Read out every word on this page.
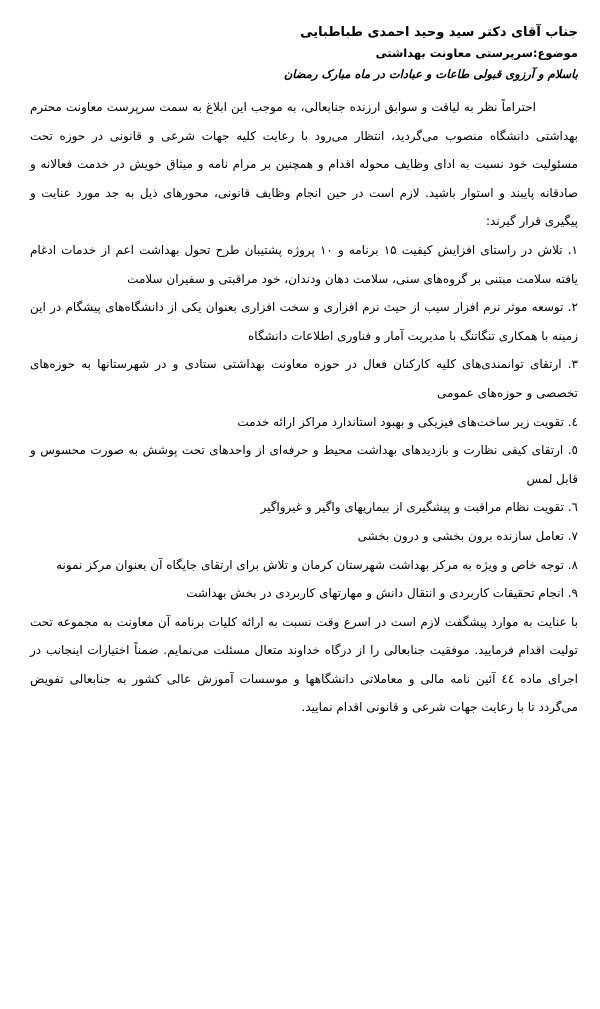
جناب آقای دکتر سید وحید احمدی طباطبایی
موضوع:سرپرستی معاونت بهداشتی
باسلام و آرزوی قبولی طاعات و عبادات در ماه مبارک رمضان

احتراماً نظر به لیاقت و سوابق ارزنده جنابعالی، به موجب این ابلاغ به سمت سرپرست معاونت محترم بهداشتی دانشگاه منصوب می‌گردید، انتظار می‌رود با رعایت کلیه جهات شرعی و قانونی در حوزه تحت مسئولیت خود نسبت به ادای وظایف محوله اقدام و همچنین بر مرام نامه و میثاق خویش در خدمت فعالانه و صادقانه پایبند و استوار باشید. لازم است در حین انجام وظایف قانونی، محورهای ذیل به جد مورد عنایت و پیگیری قرار گیرند:

۱. تلاش در راستای افزایش کیفیت ۱۵ برنامه و ۱۰ پروژه پشتیبان طرح تحول بهداشت اعم از خدمات ادغام یافته سلامت مبتنی بر گروه‌های سنی، سلامت دهان ودندان، خود مراقبتی و سفیران سلامت

۲. توسعه موثر نرم افزار سیب از حیث نرم افزاری و سخت افزاری بعنوان یکی از دانشگاه‌های پیشگام در این زمینه با همکاری تنگاتنگ با مدیریت آمار و فناوری اطلاعات دانشگاه

۳. ارتقای توانمندی‌های کلیه کارکنان فعال در حوزه معاونت بهداشتی ستادی و در شهرستانها به حوزه‌های تخصصی و حوزه‌های عمومی

٤. تقویت زیر ساخت‌های فیزیکی و بهبود استاندارد مراکز ارائه خدمت

٥. ارتقای کیفی نظارت و بازدیدهای بهداشت محیط و حرفه‌ای از واحدهای تحت پوشش به صورت محسوس و قابل لمس

٦. تقویت نظام مراقبت و پیشگیری از بیماریهای واگیر و غیرواگیر

۷. تعامل سازنده برون بخشی و درون بخشی

۸. توجه خاص و ویژه به مرکز بهداشت شهرستان کرمان و تلاش برای ارتقای جایگاه آن بعنوان مرکز نمونه

۹. انجام تحقیقات کاربردی و انتقال دانش و مهارتهای کاربردی در بخش بهداشت

با عنایت به موارد پیشگفت لازم است در اسرع وقت نسبت به ارائه کلیات برنامه آن معاونت به مجموعه تحت تولیت اقدام فرمایید. موفقیت جنابعالی را از درگاه خداوند متعال مسئلت می‌نمایم. ضمناً اختیارات اینجانب در اجرای ماده ٤٤ آئین نامه مالی و معاملاتی دانشگاهها و موسسات آموزش عالی کشور به جنابعالی تفویض می‌گردد تا با رعایت جهات شرعی و قانونی اقدام نمایید.
